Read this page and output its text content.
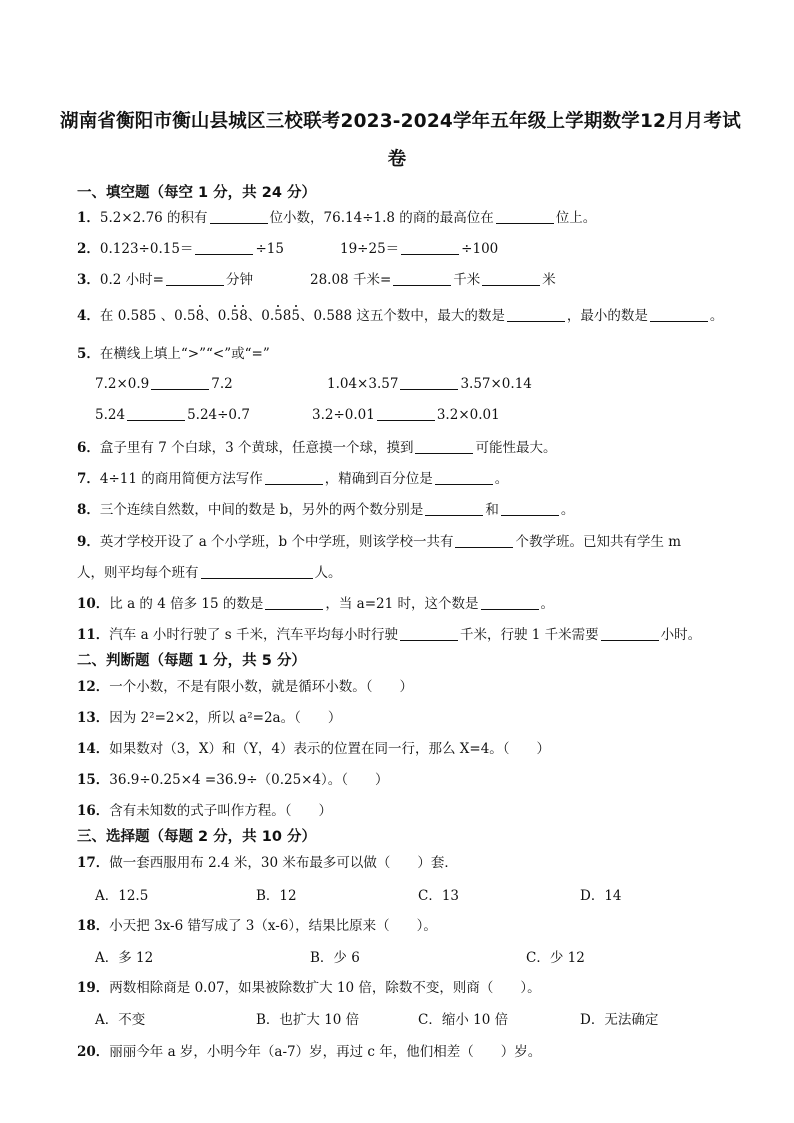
湖南省衡阳市衡山县城区三校联考2023-2024学年五年级上学期数学12月月考试
卷
一、填空题（每空 1 分，共 24 分）
1．5.2×2.76 的积有	位小数，76.14÷1.8 的商的最高位在	位上。
2．0.123÷0.15＝	÷15	19÷25＝	÷100
3．0.2 小时=	分钟	28.08 千米=	千米	米
4．在 0.585 、0.58、0.58、0.585、0.588 这五个数中，最大的数是	，最小的数是	。
5．在横线上填上“>”“<”或“=”
7.2×0.9	7.2	1.04×3.57	3.57×0.14
5.24	5.24÷0.7	3.2÷0.01	3.2×0.01
6．盒子里有 7 个白球，3 个黄球，任意摸一个球，摸到	可能性最大。
7．4÷11 的商用简便方法写作	，精确到百分位是	。
8．三个连续自然数，中间的数是 b，另外的两个数分别是	和	。
9．英才学校开设了 a 个小学班，b 个中学班，则该学校一共有	个教学班。已知共有学生 m
人，则平均每个班有	人。
10．比 a 的 4 倍多 15 的数是	，当 a=21 时，这个数是	。
11．汽车 a 小时行驶了 s 千米，汽车平均每小时行驶	千米，行驶 1 千米需要	小时。
二、判断题（每题 1 分，共 5 分）
12．一个小数，不是有限小数，就是循环小数。（　　）
13．因为 2²=2×2，所以 a²=2a。（　　）
14．如果数对（3，X）和（Y，4）表示的位置在同一行，那么 X=4。（　　）
15．36.9÷0.25×4 =36.9÷（0.25×4）。（　　）
16．含有未知数的式子叫作方程。（　　）
三、选择题（每题 2 分，共 10 分）
17．做一套西服用布 2.4 米，30 米布最多可以做（　　）套．
A．12.5	B．12	C．13	D．14
18．小天把 3x-6 错写成了 3（x-6），结果比原来（　　）。
A．多 12	B．少 6	C．少 12
19．两数相除商是 0.07，如果被除数扩大 10 倍，除数不变，则商（　　）。
A．不变	B．也扩大 10 倍	C．缩小 10 倍	D．无法确定
20．丽丽今年 a 岁，小明今年（a-7）岁，再过 c 年，他们相差（　　）岁。
